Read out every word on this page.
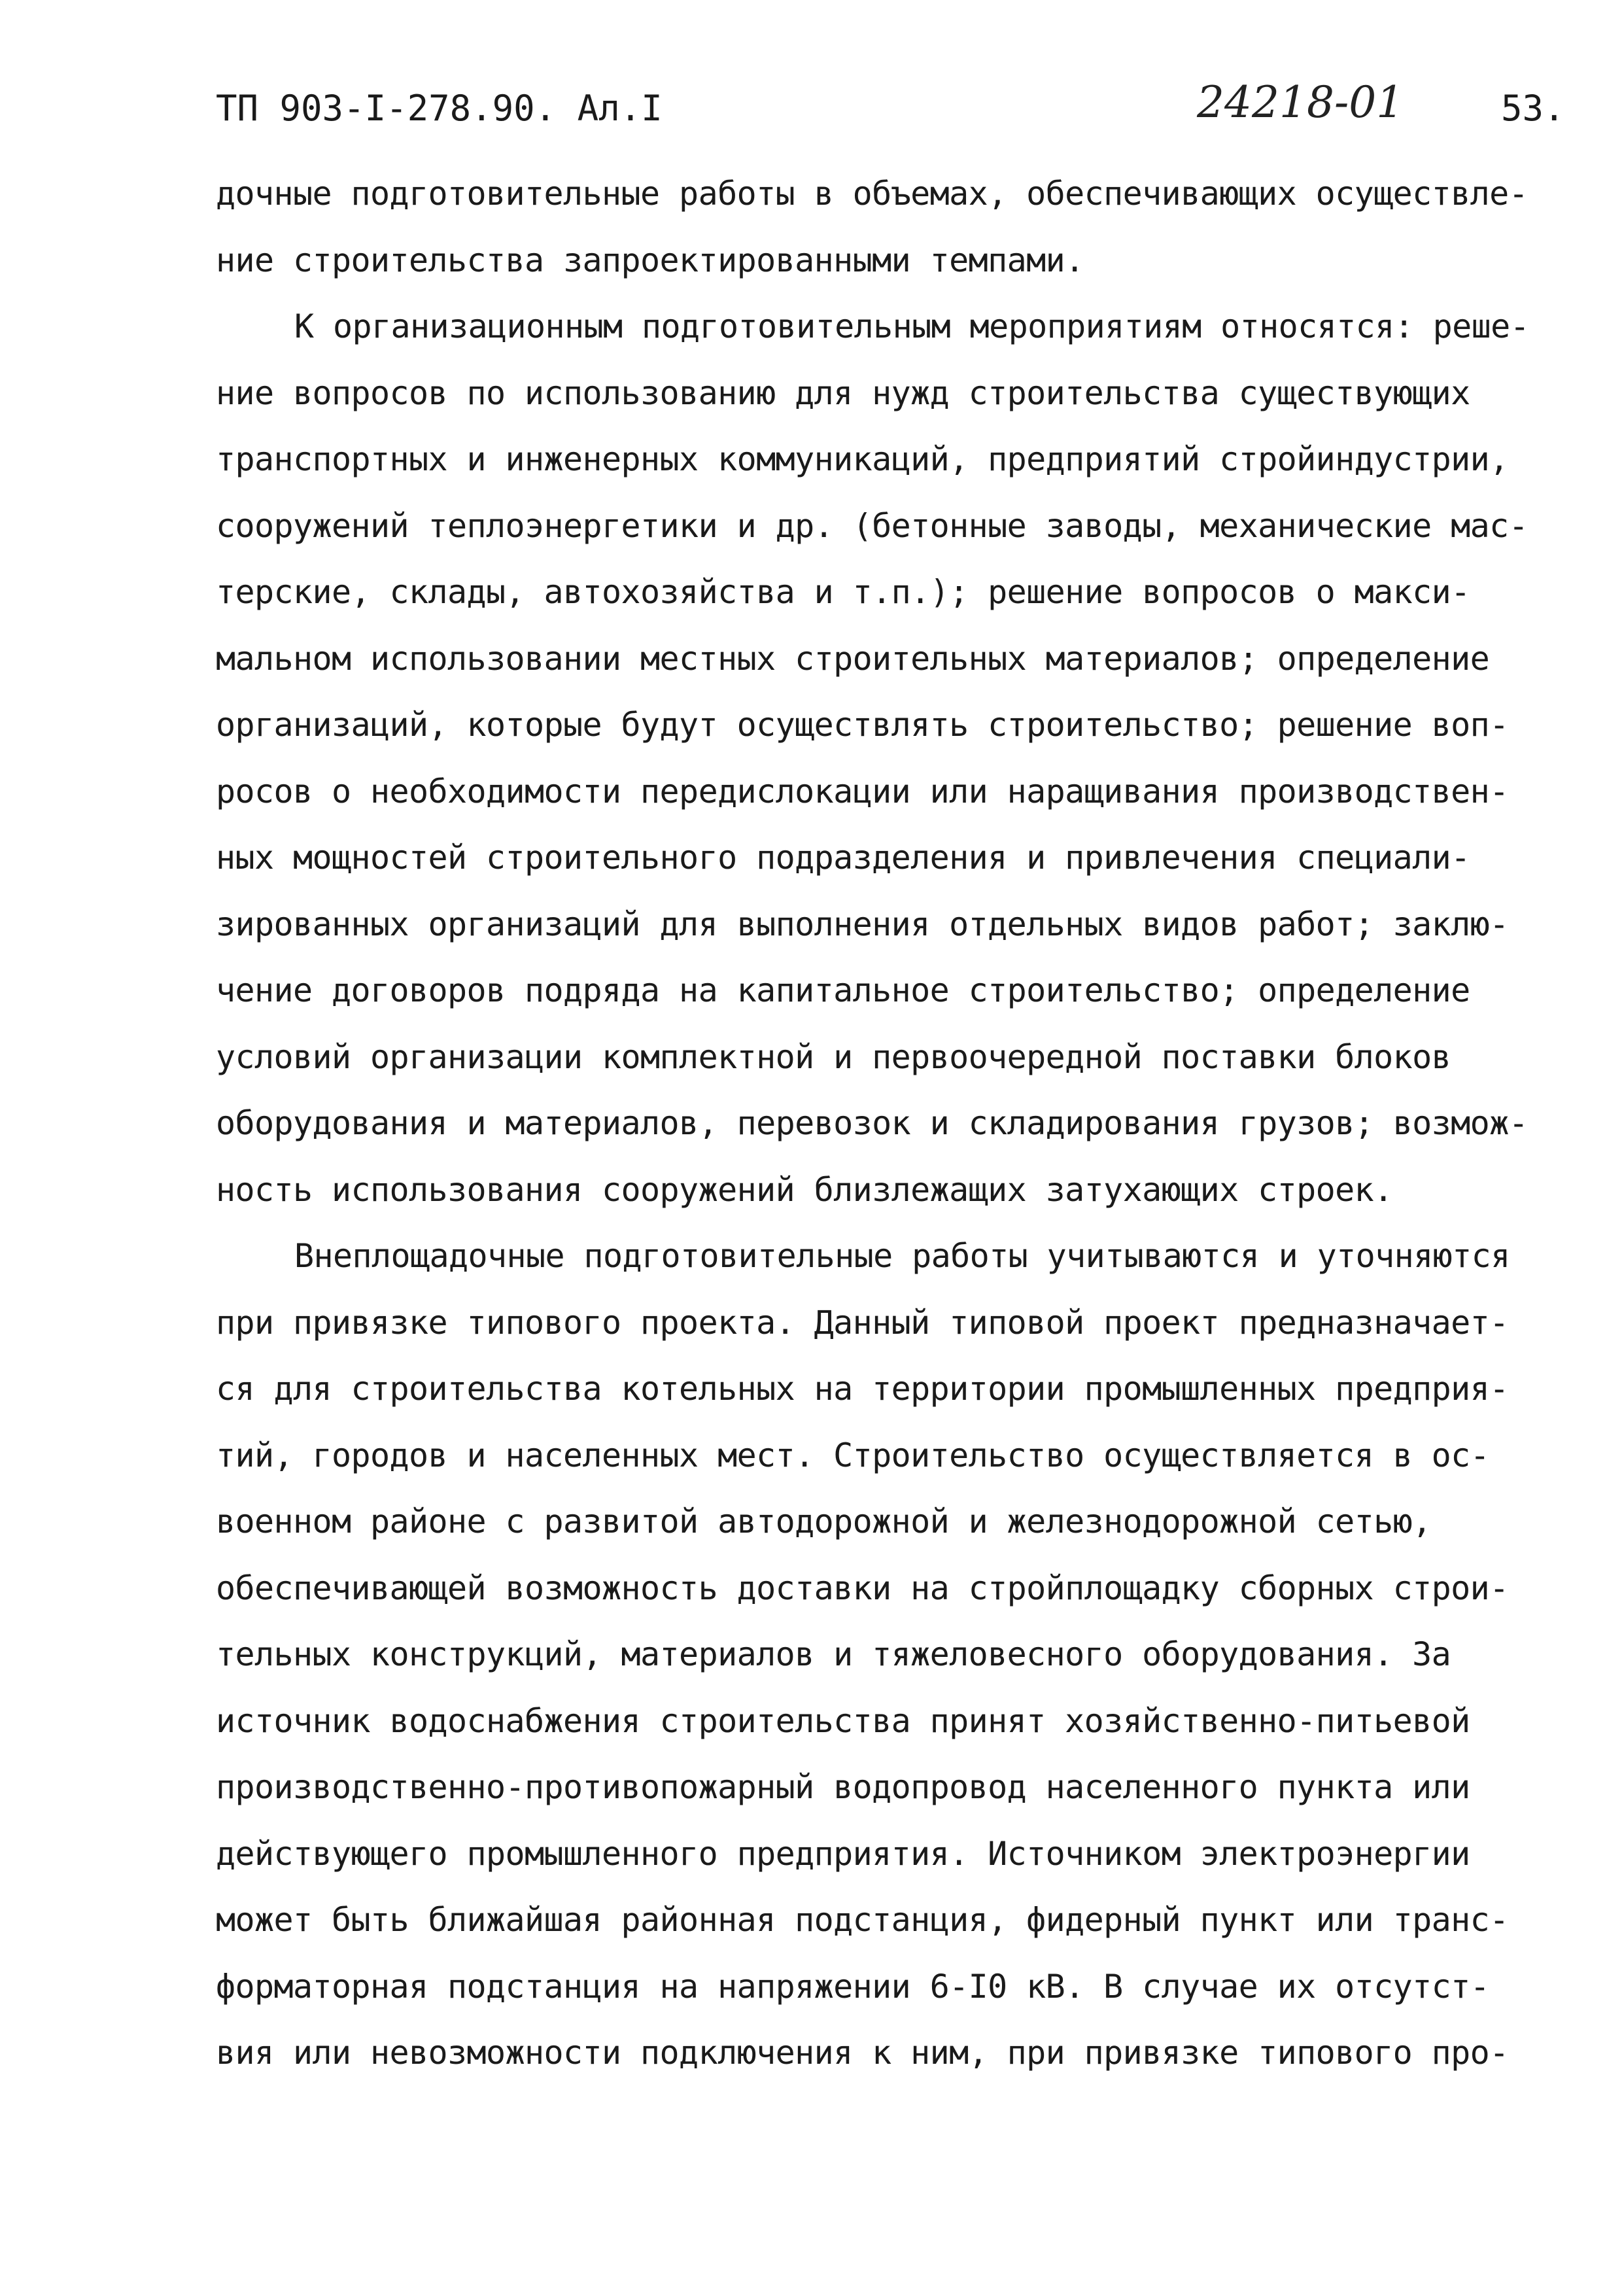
ТП 903-I-278.90. Ал.I	24218-01	53.
дочные подготовительные работы в объемах, обеспечивающих осуществле-
ние строительства запроектированными темпами.
К организационным подготовительным мероприятиям относятся: реше-
ние вопросов по использованию для нужд строительства существующих
транспортных и инженерных коммуникаций, предприятий стройиндустрии,
сооружений теплоэнергетики и др. (бетонные заводы, механические мас-
терские, склады, автохозяйства и т.п.); решение вопросов о макси-
мальном использовании местных строительных материалов; определение
организаций, которые будут осуществлять строительство; решение воп-
росов о необходимости передислокации или наращивания производствен-
ных мощностей строительного подразделения и привлечения специали-
зированных организаций для выполнения отдельных видов работ; заклю-
чение договоров подряда на капитальное строительство; определение
условий организации комплектной и первоочередной поставки блоков
оборудования и материалов, перевозок и складирования грузов; возмож-
ность использования сооружений близлежащих затухающих строек.
Внеплощадочные подготовительные работы учитываются и уточняются
при привязке типового проекта. Данный типовой проект предназначает-
ся для строительства котельных на территории промышленных предприя-
тий, городов и населенных мест. Строительство осуществляется в ос-
военном районе с развитой автодорожной и железнодорожной сетью,
обеспечивающей возможность доставки на стройплощадку сборных строи-
тельных конструкций, материалов и тяжеловесного оборудования. За
источник водоснабжения строительства принят хозяйственно-питьевой
производственно-противопожарный водопровод населенного пункта или
действующего промышленного предприятия. Источником электроэнергии
может быть ближайшая районная подстанция, фидерный пункт или транс-
форматорная подстанция на напряжении 6-I0 кВ. В случае их отсутст-
вия или невозможности подключения к ним, при привязке типового про-
